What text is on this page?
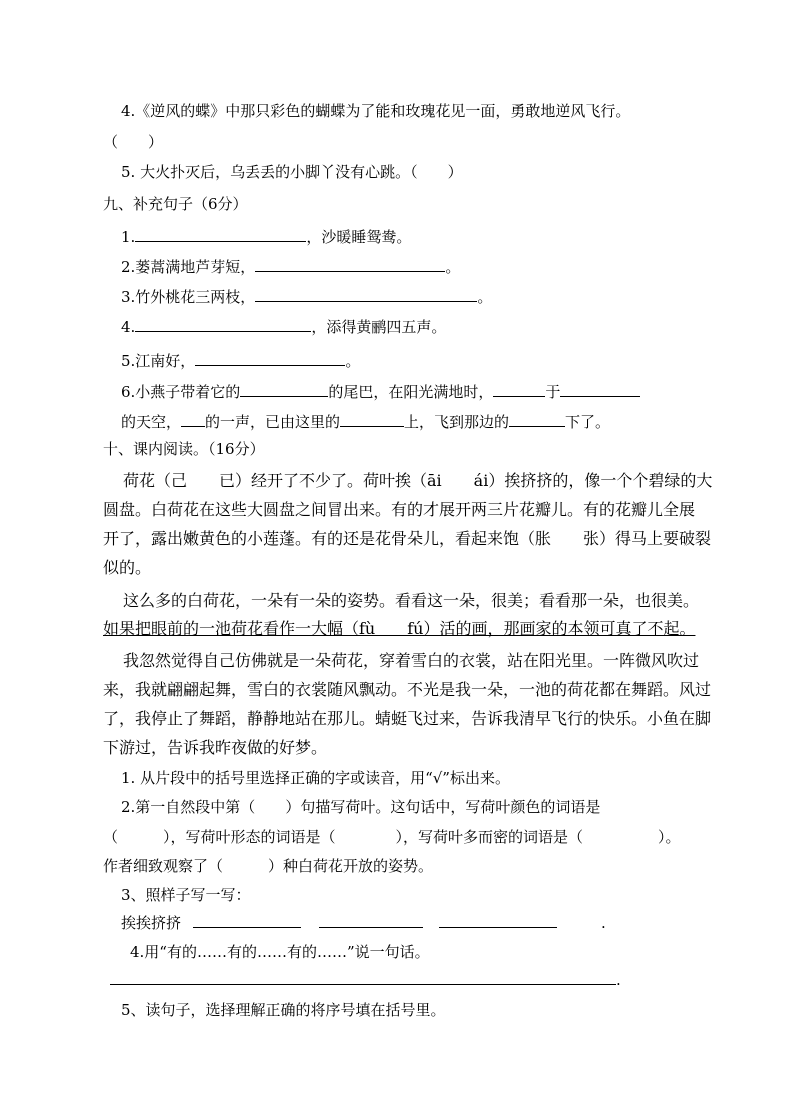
4.《逆风的蝶》中那只彩色的蝴蝶为了能和玫瑰花见一面，勇敢地逆风飞行。
（　　）
5. 大火扑灭后，乌丢丢的小脚丫没有心跳。（　　）
九、补充句子（6分）
1.	，沙暖睡鸳鸯。
2.蒌蒿满地芦芽短，	。
3.竹外桃花三两枝，	。
4.	，添得黄鹂四五声。
5.江南好，	。
6.小燕子带着它的	的尾巴，在阳光满地时，	于
的天空， 的一声，已由这里的	上，飞到那边的	下了。
十、课内阅读。（16分）
荷花（己　　已）经开了不少了。荷叶挨（āi　　ái）挨挤挤的，像一个个碧绿的大
圆盘。白荷花在这些大圆盘之间冒出来。有的才展开两三片花瓣儿。有的花瓣儿全展
开了，露出嫩黄色的小莲蓬。有的还是花骨朵儿，看起来饱（胀　　张）得马上要破裂
似的。
这么多的白荷花，一朵有一朵的姿势。看看这一朵，很美；看看那一朵，也很美。
如果把眼前的一池荷花看作一大幅（fù　　fú）活的画，那画家的本领可真了不起。
我忽然觉得自己仿佛就是一朵荷花，穿着雪白的衣裳，站在阳光里。一阵微风吹过
来，我就翩翩起舞，雪白的衣裳随风飘动。不光是我一朵，一池的荷花都在舞蹈。风过
了，我停止了舞蹈，静静地站在那儿。蜻蜓飞过来，告诉我清早飞行的快乐。小鱼在脚
下游过，告诉我昨夜做的好梦。
1. 从片段中的括号里选择正确的字或读音，用“√”标出来。
2.第一自然段中第（　　）句描写荷叶。这句话中，写荷叶颜色的词语是
（　　　），写荷叶形态的词语是（　　　　），写荷叶多而密的词语是（　　　　　）。
作者细致观察了（　　　）种白荷花开放的姿势。
3、照样子写一写：
挨挨挤挤	.
4.用“有的……有的……有的……”说一句话。
.
5、读句子，选择理解正确的将序号填在括号里。
